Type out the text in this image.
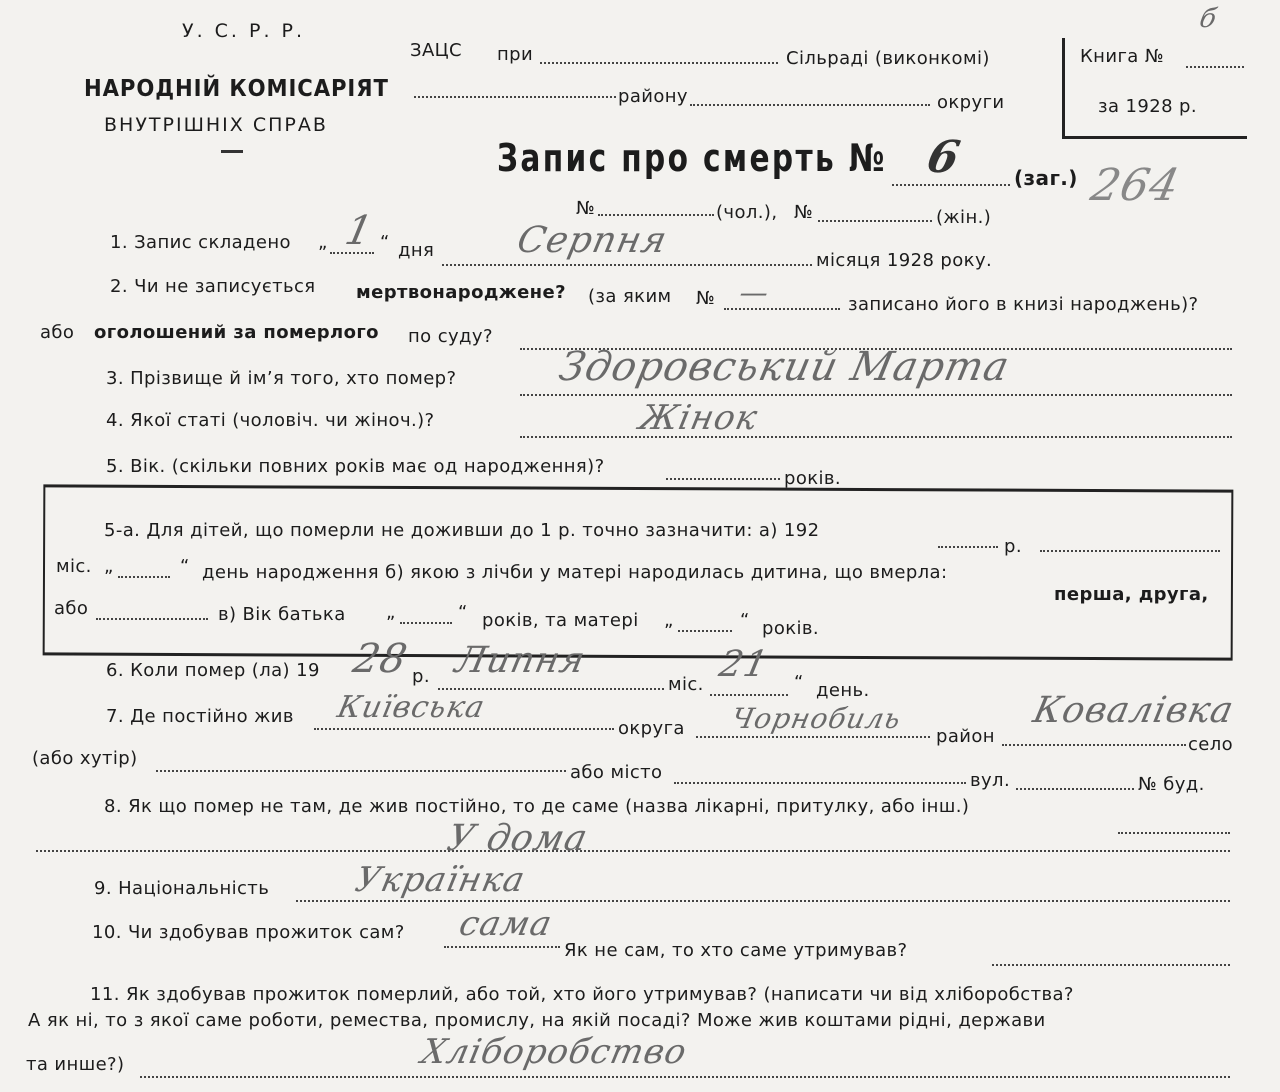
У. С. Р. Р.
НАРОДНІЙ КОМІСАРІЯТ
ВНУТРІШНІХ СПРАВ
ЗАЦС при	Сільраді (виконкомі)
району	округи
Книга №
за 1928 р.
б
Запис про смерть № 6 (заг.) 264
№	(чол.), №	(жін.)
1. Запис складено „ 1 “ дня Серпня	місяця 1928 року.
2. Чи не записується мертвонароджене? (за яким № —	записано його в книзі народжень)?
або оголошений за померлого по суду?
3. Прізвище й ім’я того, хто помер? Здоровський Марта
4. Якої статі (чоловіч. чи жіноч.)?	Жінок
5. Вік. (скільки повних років має од народження)?
років.
5-а. Для дітей, що померли не доживши до 1 р. точно зазначити: а) 192
р.
міс. „	“ день народження б) якою з лічби у матері народилась дитина, що вмерла:
перша, друга,
або	в) Вік батька „	“ років, та матері „	“ років.
6. Коли помер (ла) 19 28 р. Липня
міс. 21 “ день.
7. Де постійно жив Київська
округа Чорнобиль
район
Ковалівка
село
(або хутір)
або місто	вул.	№ буд.
8. Як що помер не там, де жив постійно, то де саме (назва лікарні, притулку, або інш.)
У дома
9. Національність Українка
10. Чи здобував прожиток сам? сама
Як не сам, то хто саме утримував?
11. Як здобував прожиток померлий, або той, хто його утримував? (написати чи від хліборобства?
А як ні, то з якої саме роботи, ремества, промислу, на якій посаді? Може жив коштами рідні, держави
та инше?)	Хліборобство
